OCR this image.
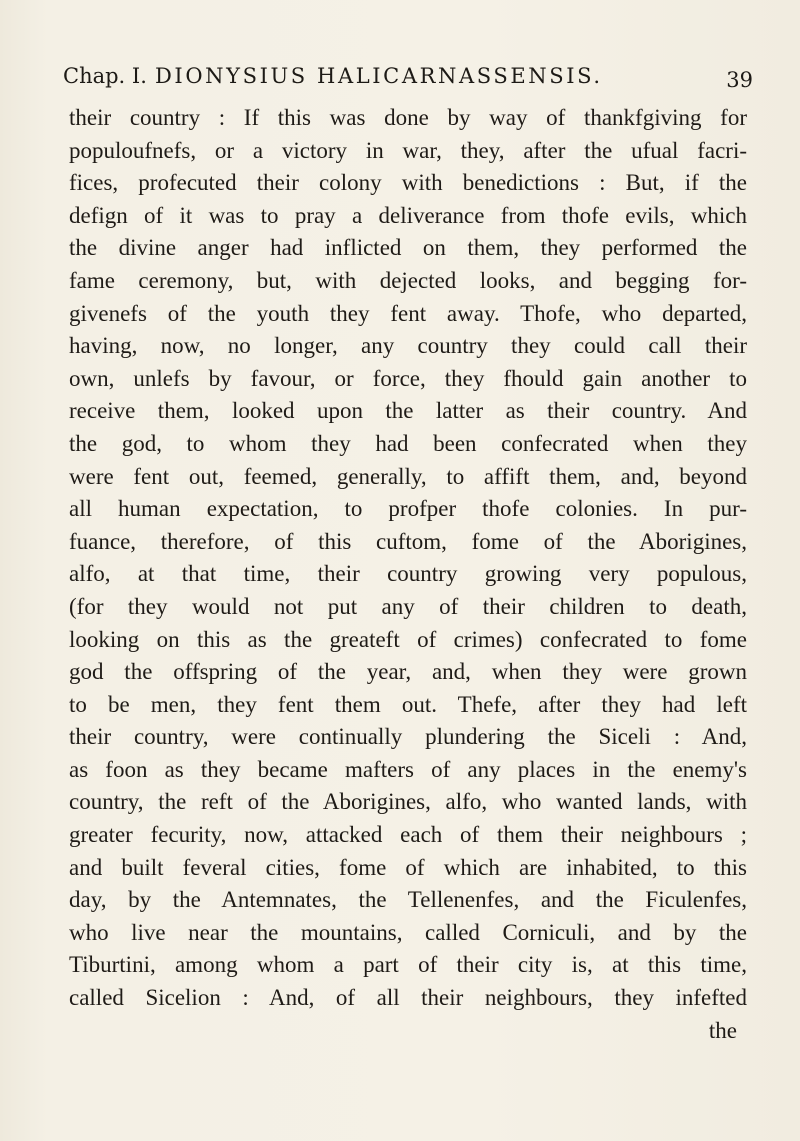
Chap. I. DIONYSIUS HALICARNASSENSIS.	39
their country : If this was done by way of thankfgiving for
populoufnefs, or a victory in war, they, after the ufual facri-
fices, profecuted their colony with benedictions : But, if the
defign of it was to pray a deliverance from thofe evils, which
the divine anger had inflicted on them, they performed the
fame ceremony, but, with dejected looks, and begging for-
givenefs of the youth they fent away. Thofe, who departed,
having, now, no longer, any country they could call their
own, unlefs by favour, or force, they fhould gain another to
receive them, looked upon the latter as their country. And
the god, to whom they had been confecrated when they
were fent out, feemed, generally, to affift them, and, beyond
all human expectation, to profper thofe colonies. In pur-
fuance, therefore, of this cuftom, fome of the Aborigines,
alfo, at that time, their country growing very populous,
(for they would not put any of their children to death,
looking on this as the greateft of crimes) confecrated to fome
god the offspring of the year, and, when they were grown
to be men, they fent them out. Thefe, after they had left
their country, were continually plundering the Siceli : And,
as foon as they became mafters of any places in the enemy's
country, the reft of the Aborigines, alfo, who wanted lands, with
greater fecurity, now, attacked each of them their neighbours ;
and built feveral cities, fome of which are inhabited, to this
day, by the Antemnates, the Tellenenfes, and the Ficulenfes,
who live near the mountains, called Corniculi, and by the
Tiburtini, among whom a part of their city is, at this time,
called Sicelion : And, of all their neighbours, they infefted
the
